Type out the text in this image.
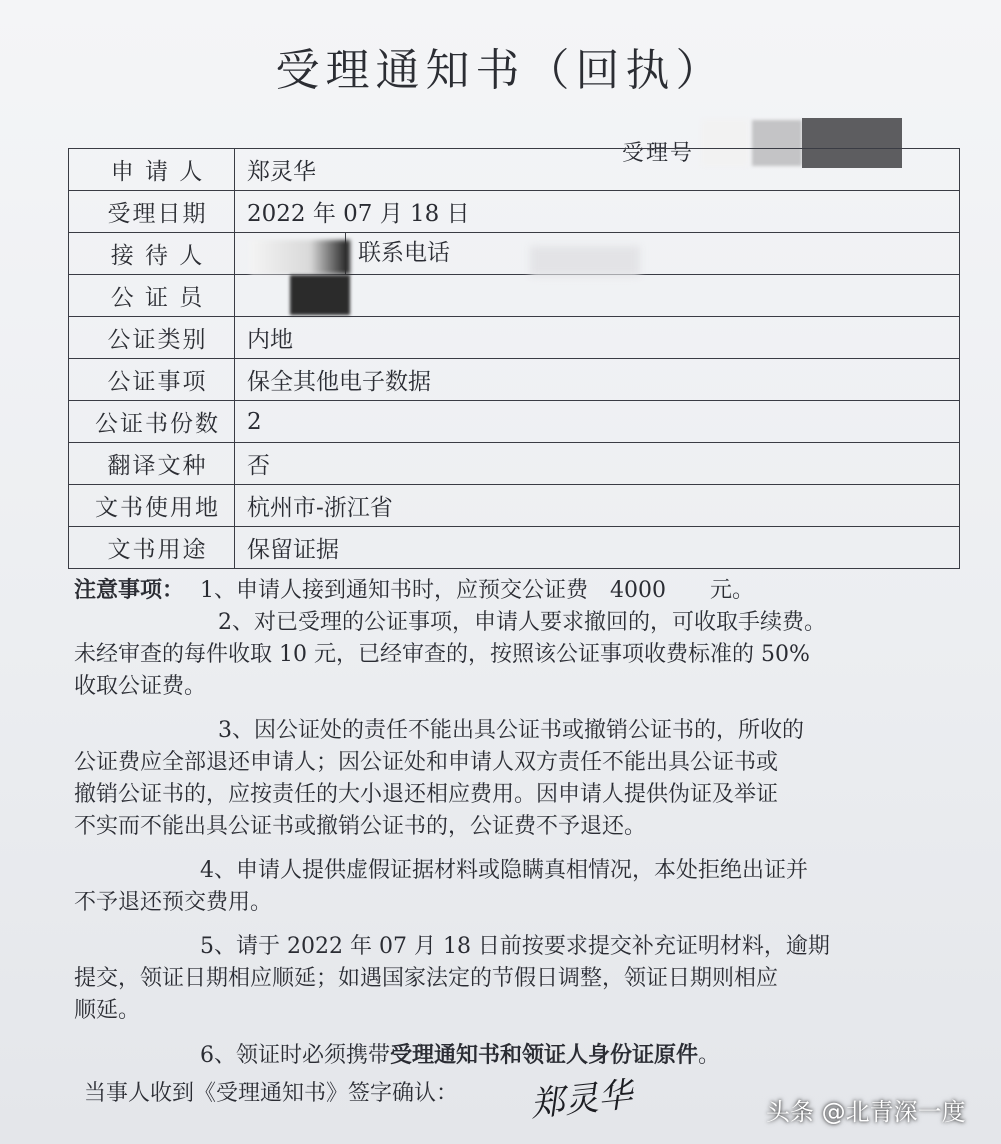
受理通知书（回执）
受理号
申 请 人	郑灵华
受理日期	2022 年 07 月 18 日
接 待 人	联系电话
公 证 员	
公证类别	内地
公证事项	保全其他电子数据
公证书份数	2
翻译文种	否
文书使用地	杭州市-浙江省
文书用途	保留证据

注意事项： 1、申请人接到通知书时，应预交公证费　4000　　元。

2、对已受理的公证事项，申请人要求撤回的，可收取手续费。

未经审查的每件收取 10 元，已经审查的，按照该公证事项收费标准的 50%

收取公证费。

3、因公证处的责任不能出具公证书或撤销公证书的，所收的

公证费应全部退还申请人；因公证处和申请人双方责任不能出具公证书或

撤销公证书的，应按责任的大小退还相应费用。因申请人提供伪证及举证

不实而不能出具公证书或撤销公证书的，公证费不予退还。

4、申请人提供虚假证据材料或隐瞒真相情况，本处拒绝出证并

不予退还预交费用。

5、请于 2022 年 07 月 18 日前按要求提交补充证明材料，逾期

提交，领证日期相应顺延；如遇国家法定的节假日调整，领证日期则相应

顺延。

6、领证时必须携带受理通知书和领证人身份证原件。

当事人收到《受理通知书》签字确认： 郑灵华	头条 @北青深一度
